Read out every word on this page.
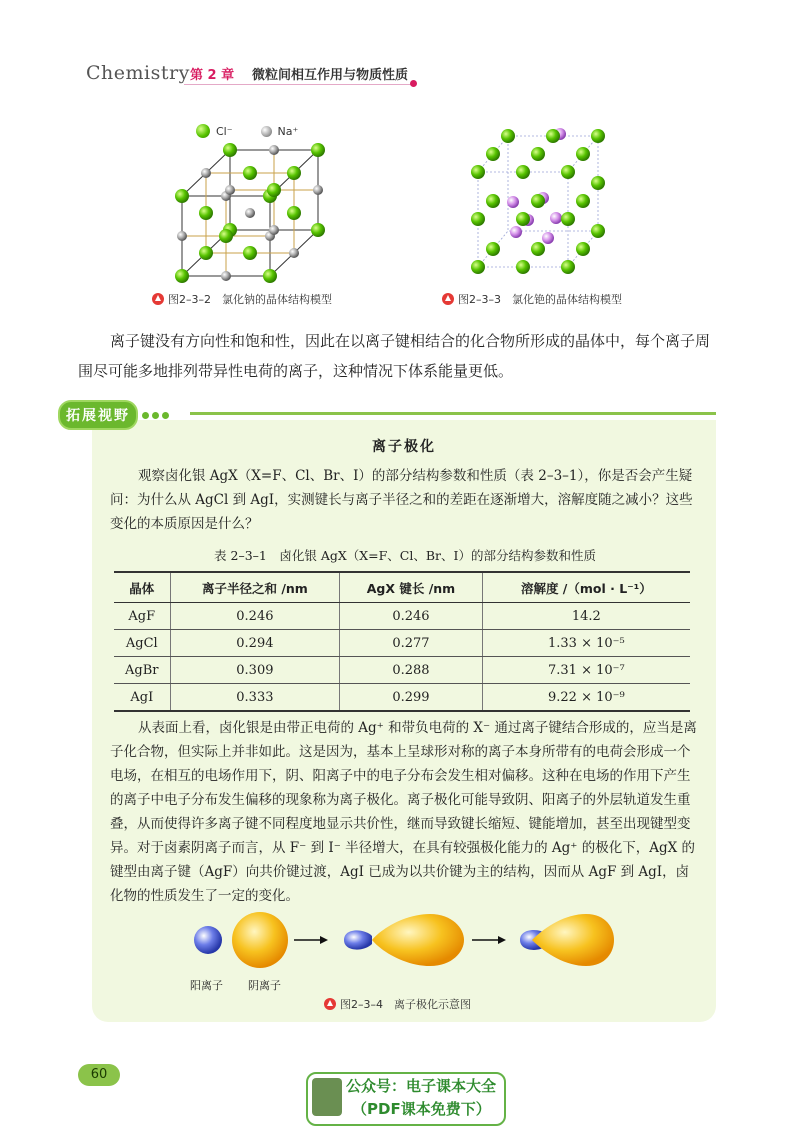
Chemistry 第 2 章 微粒间相互作用与物质性质
Cl⁻	Na⁺
图2–3–2　氯化钠的晶体结构模型	图2–3–3　氯化铯的晶体结构模型
离子键没有方向性和饱和性，因此在以离子键相结合的化合物所形成的晶体中，每个离子周围尽可能多地排列带异性电荷的离子，这种情况下体系能量更低。
拓展视野
离子极化
观察卤化银 AgX（X=F、Cl、Br、I）的部分结构参数和性质（表 2–3–1），你是否会产生疑问：为什么从 AgCl 到 AgI，实测键长与离子半径之和的差距在逐渐增大，溶解度随之减小？这些变化的本质原因是什么？
表 2–3–1　卤化银 AgX（X=F、Cl、Br、I）的部分结构参数和性质
晶体	离子半径之和 /nm	AgX 键长 /nm	溶解度 /（mol · L⁻¹）
AgF	0.246	0.246	14.2
AgCl	0.294	0.277	1.33 × 10⁻⁵
AgBr	0.309	0.288	7.31 × 10⁻⁷
AgI	0.333	0.299	9.22 × 10⁻⁹
从表面上看，卤化银是由带正电荷的 Ag⁺ 和带负电荷的 X⁻ 通过离子键结合形成的，应当是离子化合物，但实际上并非如此。这是因为，基本上呈球形对称的离子本身所带有的电荷会形成一个电场，在相互的电场作用下，阴、阳离子中的电子分布会发生相对偏移。这种在电场的作用下产生的离子中电子分布发生偏移的现象称为离子极化。离子极化可能导致阴、阳离子的外层轨道发生重叠，从而使得许多离子键不同程度地显示共价性，继而导致键长缩短、键能增加，甚至出现键型变异。对于卤素阴离子而言，从 F⁻ 到 I⁻ 半径增大，在具有较强极化能力的 Ag⁺ 的极化下，AgX 的键型由离子键（AgF）向共价键过渡，AgI 已成为以共价键为主的结构，因而从 AgF 到 AgI，卤化物的性质发生了一定的变化。
阳离子 阴离子
图2–3–4　离子极化示意图
60
公众号：电子课本大全
（PDF课本免费下）
